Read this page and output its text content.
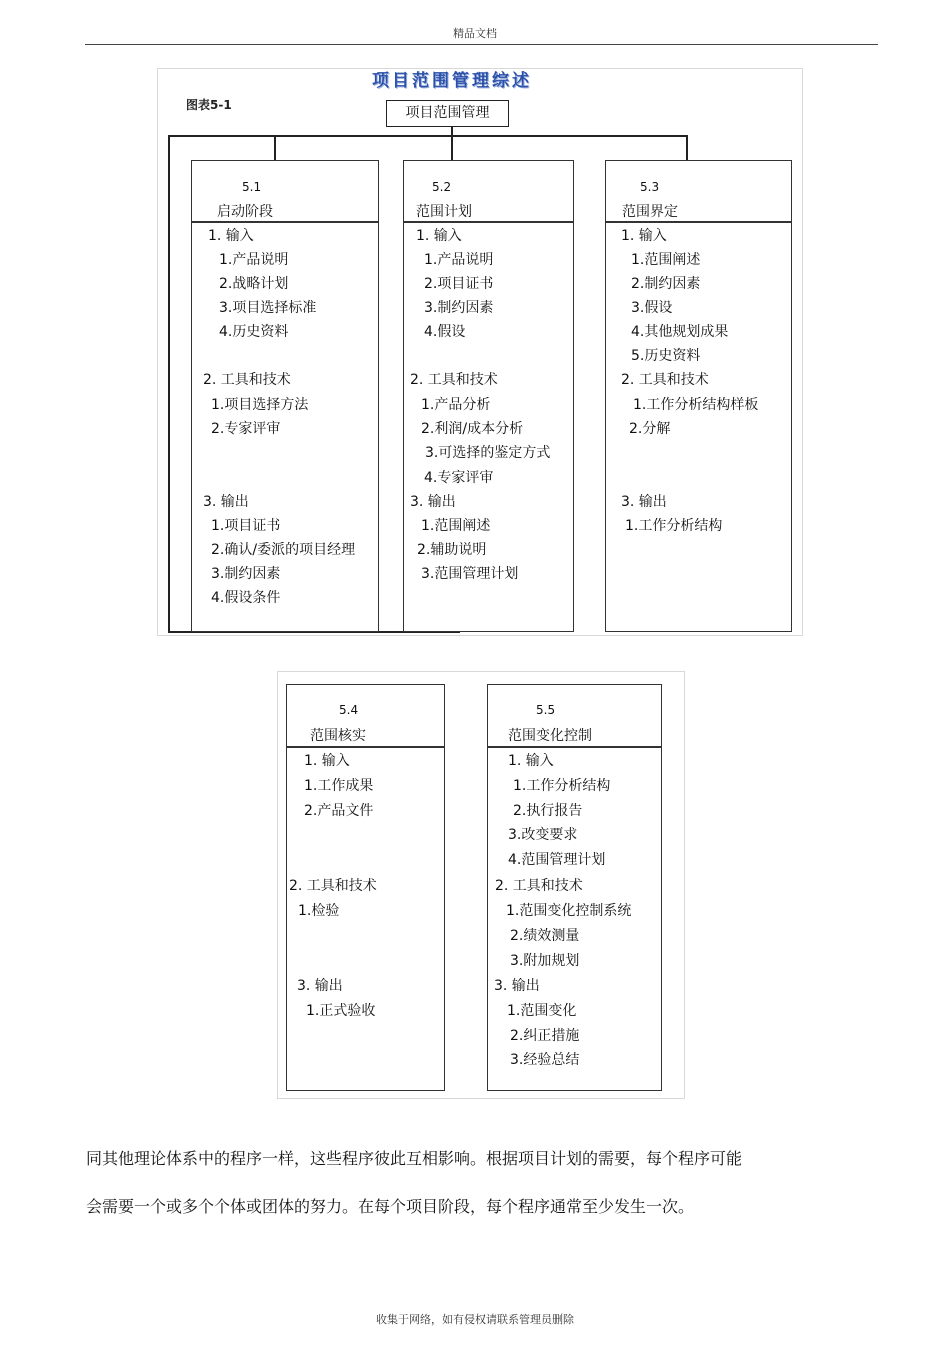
精品文档
项目范围管理综述
图表5-1	项目范围管理
5.1
启动阶段
1. 输入
1.产品说明
2.战略计划
3.项目选择标准
4.历史资料
2. 工具和技术
1.项目选择方法
2.专家评审
3. 输出
1.项目证书
2.确认/委派的项目经理
3.制约因素
4.假设条件
5.2
范围计划
1. 输入
1.产品说明
2.项目证书
3.制约因素
4.假设
2. 工具和技术
1.产品分析
2.利润/成本分析
3.可选择的鉴定方式
4.专家评审
3. 输出
1.范围阐述
2.辅助说明
3.范围管理计划
5.3
范围界定
1. 输入
1.范围阐述
2.制约因素
3.假设
4.其他规划成果
5.历史资料
2. 工具和技术
1.工作分析结构样板
2.分解
3. 输出
1.工作分析结构
5.4
范围核实
1. 输入
1.工作成果
2.产品文件
2. 工具和技术
1.检验
3. 输出
1.正式验收
5.5
范围变化控制
1. 输入
1.工作分析结构
2.执行报告
3.改变要求
4.范围管理计划
2. 工具和技术
1.范围变化控制系统
2.绩效测量
3.附加规划
3. 输出
1.范围变化
2.纠正措施
3.经验总结
同其他理论体系中的程序一样，这些程序彼此互相影响。根据项目计划的需要，每个程序可能
会需要一个或多个个体或团体的努力。在每个项目阶段，每个程序通常至少发生一次。
收集于网络，如有侵权请联系管理员删除
